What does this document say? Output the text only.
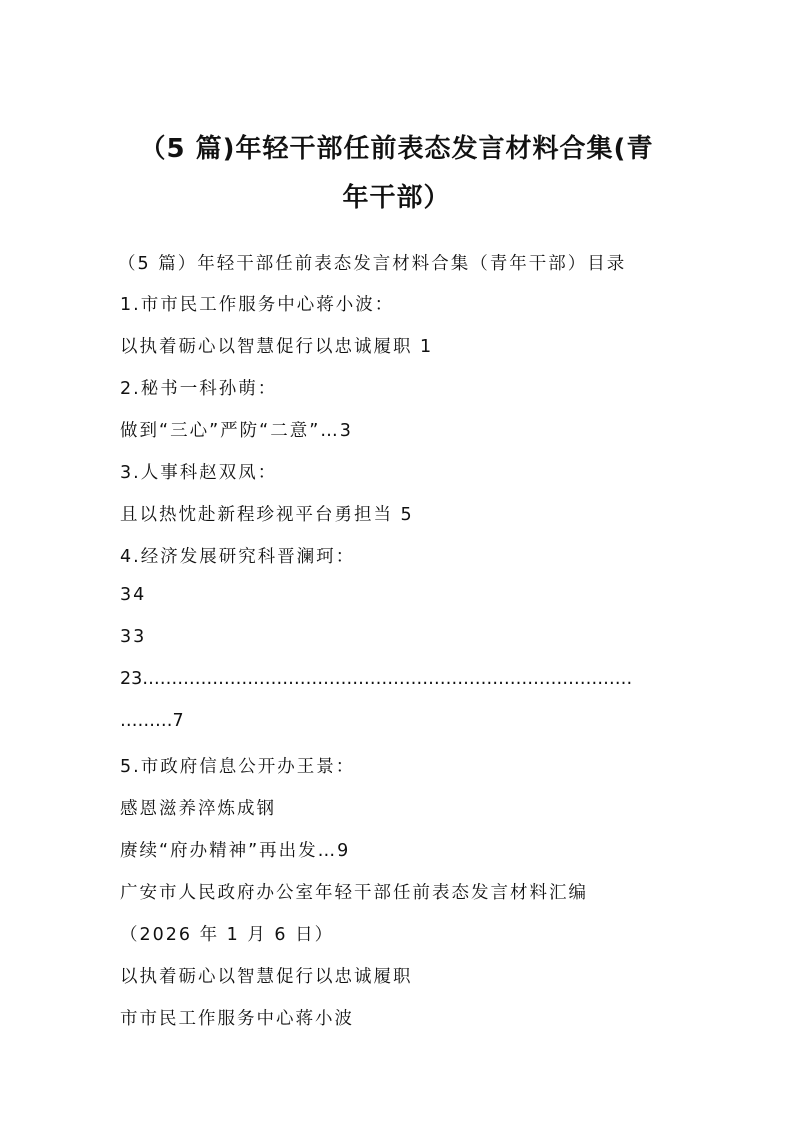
（5 篇)年轻干部任前表态发言材料合集(青
年干部）
（5 篇）年轻干部任前表态发言材料合集（青年干部）目录
1.市市民工作服务中心蒋小波：
以执着砺心以智慧促行以忠诚履职 1
2.秘书一科孙萌：
做到“三心”严防“二意”…3
3.人事科赵双凤：
且以热忱赴新程珍视平台勇担当 5
4.经济发展研究科晋澜珂：
34
33
23…………………………………………………………………………
………7
5.市政府信息公开办王景：
感恩滋养淬炼成钢
赓续“府办精神”再出发…9
广安市人民政府办公室年轻干部任前表态发言材料汇编
（2026 年 1 月 6 日）
以执着砺心以智慧促行以忠诚履职
市市民工作服务中心蒋小波
